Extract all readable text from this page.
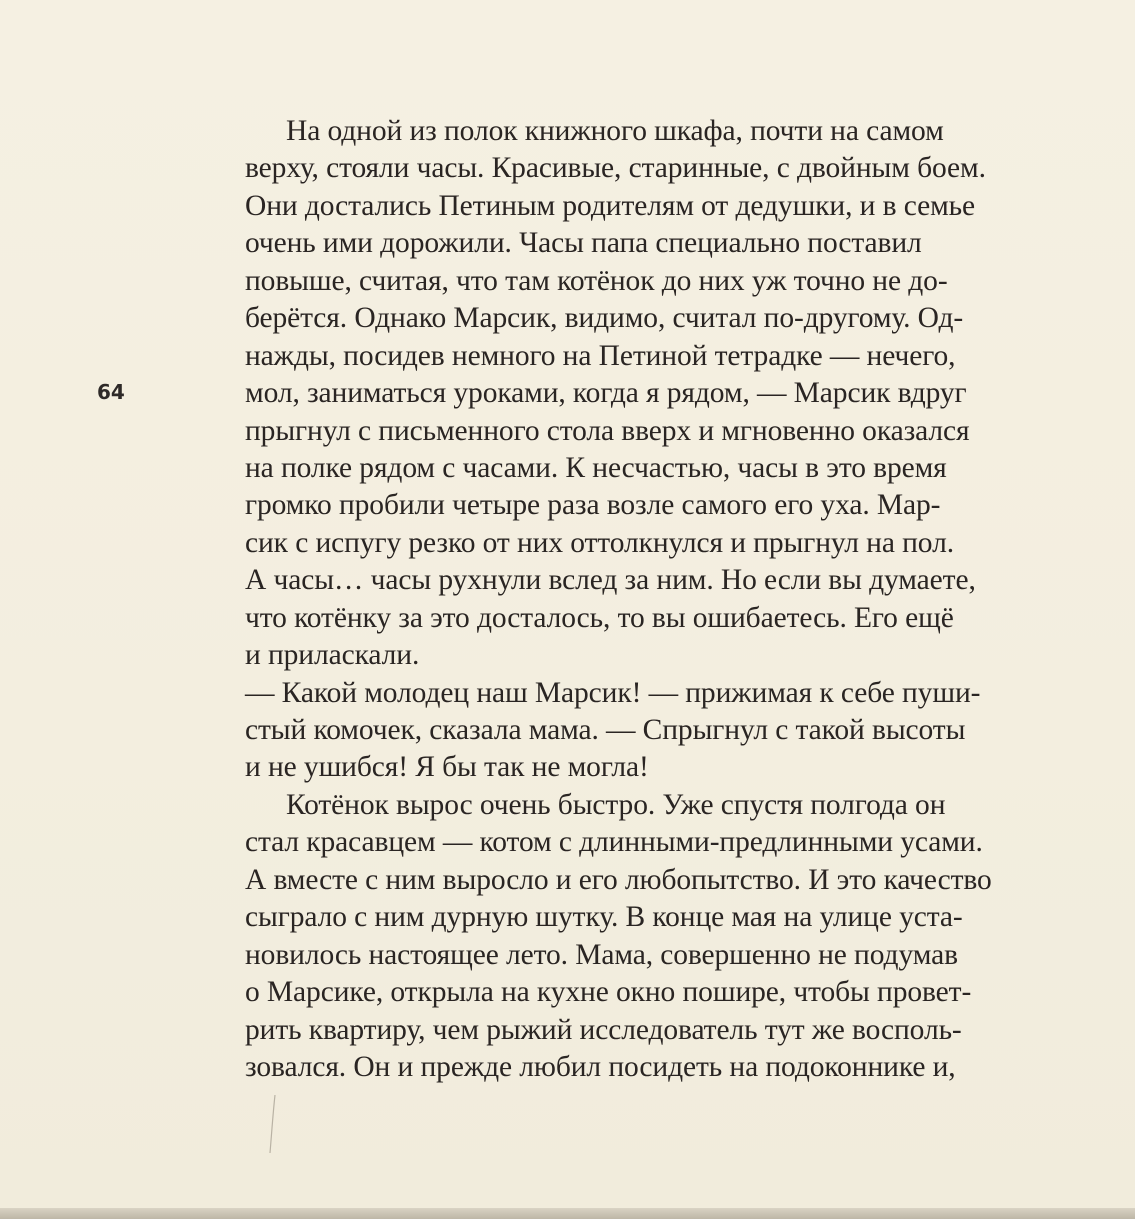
64
На одной из полок книжного шкафа, почти на самом
верху, стояли часы. Красивые, старинные, с двойным боем.
Они достались Петиным родителям от дедушки, и в семье
очень ими дорожили. Часы папа специально поставил
повыше, считая, что там котёнок до них уж точно не до-
берётся. Однако Марсик, видимо, считал по-другому. Од-
нажды, посидев немного на Петиной тетрадке — нечего,
мол, заниматься уроками, когда я рядом, — Марсик вдруг
прыгнул с письменного стола вверх и мгновенно оказался
на полке рядом с часами. К несчастью, часы в это время
громко пробили четыре раза возле самого его уха. Мар-
сик с испугу резко от них оттолкнулся и прыгнул на пол.
А часы… часы рухнули вслед за ним. Но если вы думаете,
что котёнку за это досталось, то вы ошибаетесь. Его ещё
и приласкали.
— Какой молодец наш Марсик! — прижимая к себе пуши-
стый комочек, сказала мама. — Спрыгнул с такой высоты
и не ушибся! Я бы так не могла!
Котёнок вырос очень быстро. Уже спустя полгода он
стал красавцем — котом с длинными-предлинными усами.
А вместе с ним выросло и его любопытство. И это качество
сыграло с ним дурную шутку. В конце мая на улице уста-
новилось настоящее лето. Мама, совершенно не подумав
о Марсике, открыла на кухне окно пошире, чтобы провет-
рить квартиру, чем рыжий исследователь тут же восполь-
зовался. Он и прежде любил посидеть на подоконнике и,
